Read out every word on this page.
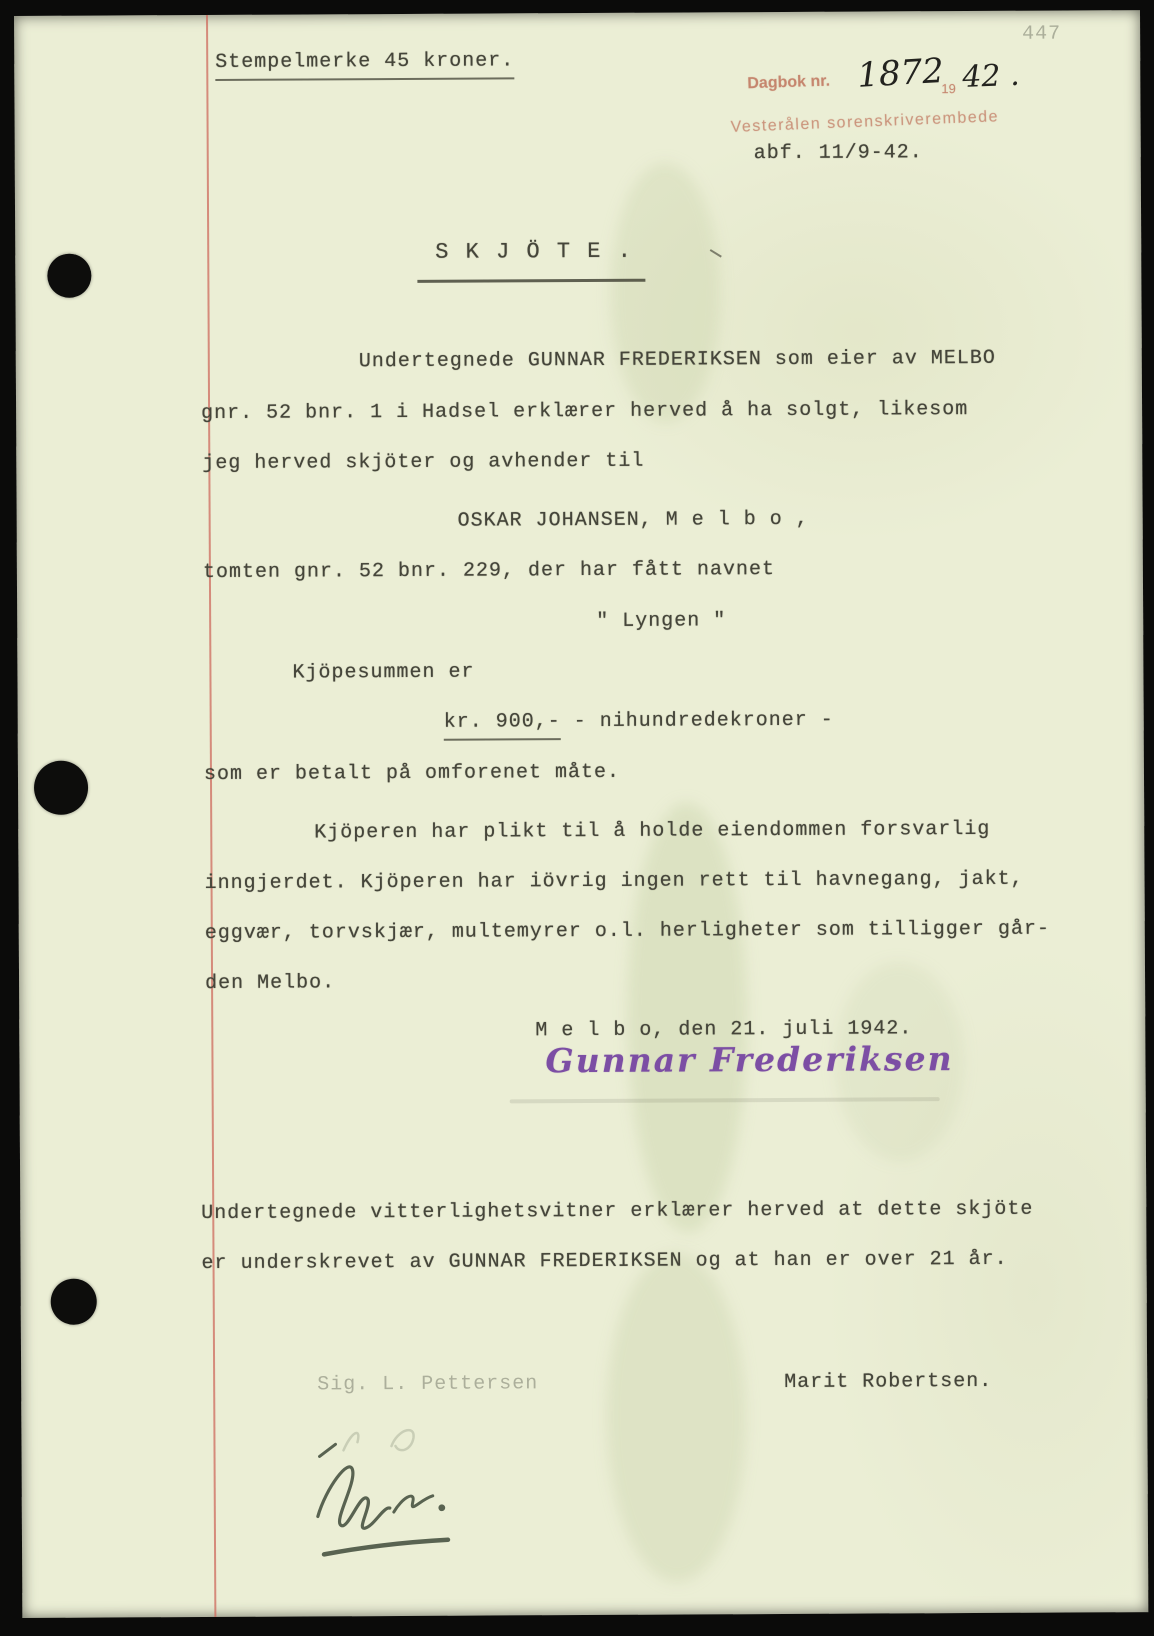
Stempelmerke 45 kroner.
447
Dagbok nr. 1872
19 42 .
Vesterålen sorenskriverembede
abf. 11/9-42.
S K J Ö T E .
Undertegnede GUNNAR FREDERIKSEN som eier av MELBO
gnr. 52 bnr. 1 i Hadsel erklærer herved å ha solgt, likesom
jeg herved skjöter og avhender til
OSKAR JOHANSEN, M e l b o ,
tomten gnr. 52 bnr. 229, der har fått navnet
" Lyngen "
Kjöpesummen er
kr. 900,- - nihundredekroner -
som er betalt på omforenet måte.
Kjöperen har plikt til å holde eiendommen forsvarlig
inngjerdet. Kjöperen har iövrig ingen rett til havnegang, jakt,
eggvær, torvskjær, multemyrer o.l. herligheter som tilligger går-
den Melbo.
M e l b o, den 21. juli 1942.
Gunnar Frederiksen
Undertegnede vitterlighetsvitner erklærer herved at dette skjöte
er underskrevet av GUNNAR FREDERIKSEN og at han er over 21 år.
Sig. L. Pettersen	Marit Robertsen.
